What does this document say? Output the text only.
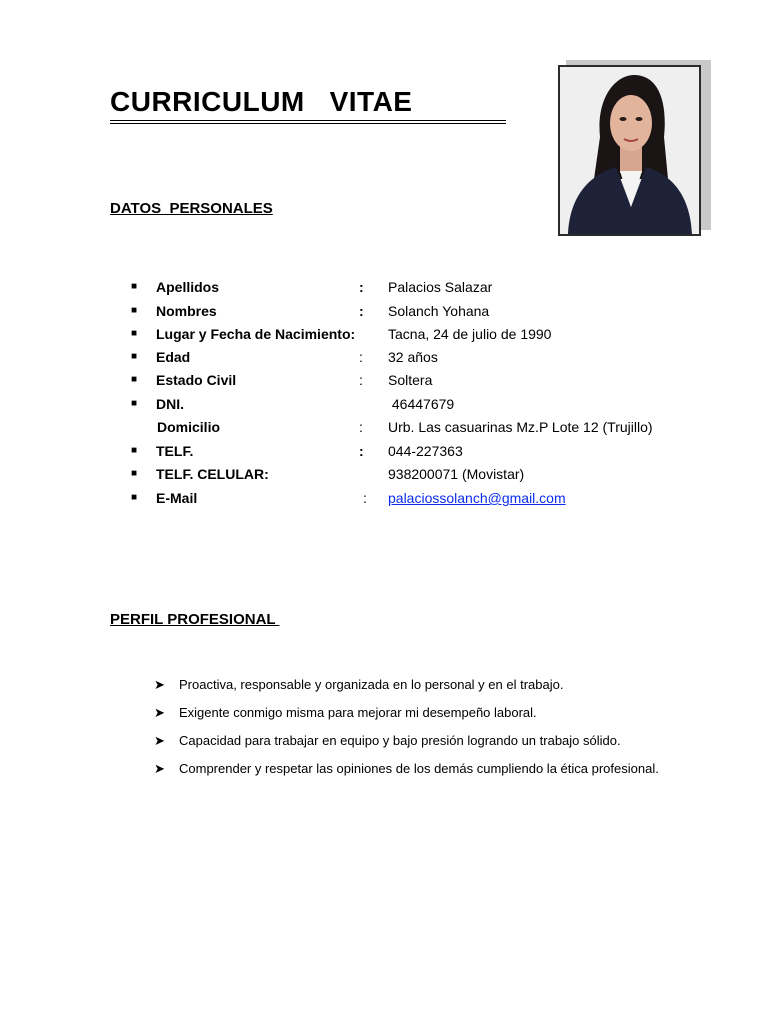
CURRICULUM   VITAE
DATOS  PERSONALES
■ Apellidos	: Palacios Salazar
■ Nombres	: Solanch Yohana
■ Lugar y Fecha de Nacimiento: Tacna, 24 de julio de 1990
■ Edad	: 32 años
■ Estado Civil	: Soltera
■ DNI.	46447679
Domicilio	: Urb. Las casuarinas Mz.P Lote 12 (Trujillo)
■ TELF.	: 044-227363
■ TELF. CELULAR:	938200071 (Movistar)
■ E-Mail	: palaciossolanch@gmail.com
PERFIL PROFESIONAL
➤ Proactiva, responsable y organizada en lo personal y en el trabajo.
➤ Exigente conmigo misma para mejorar mi desempeño laboral.
➤ Capacidad para trabajar en equipo y bajo presión logrando un trabajo sólido.
➤ Comprender y respetar las opiniones de los demás cumpliendo la ética profesional.
